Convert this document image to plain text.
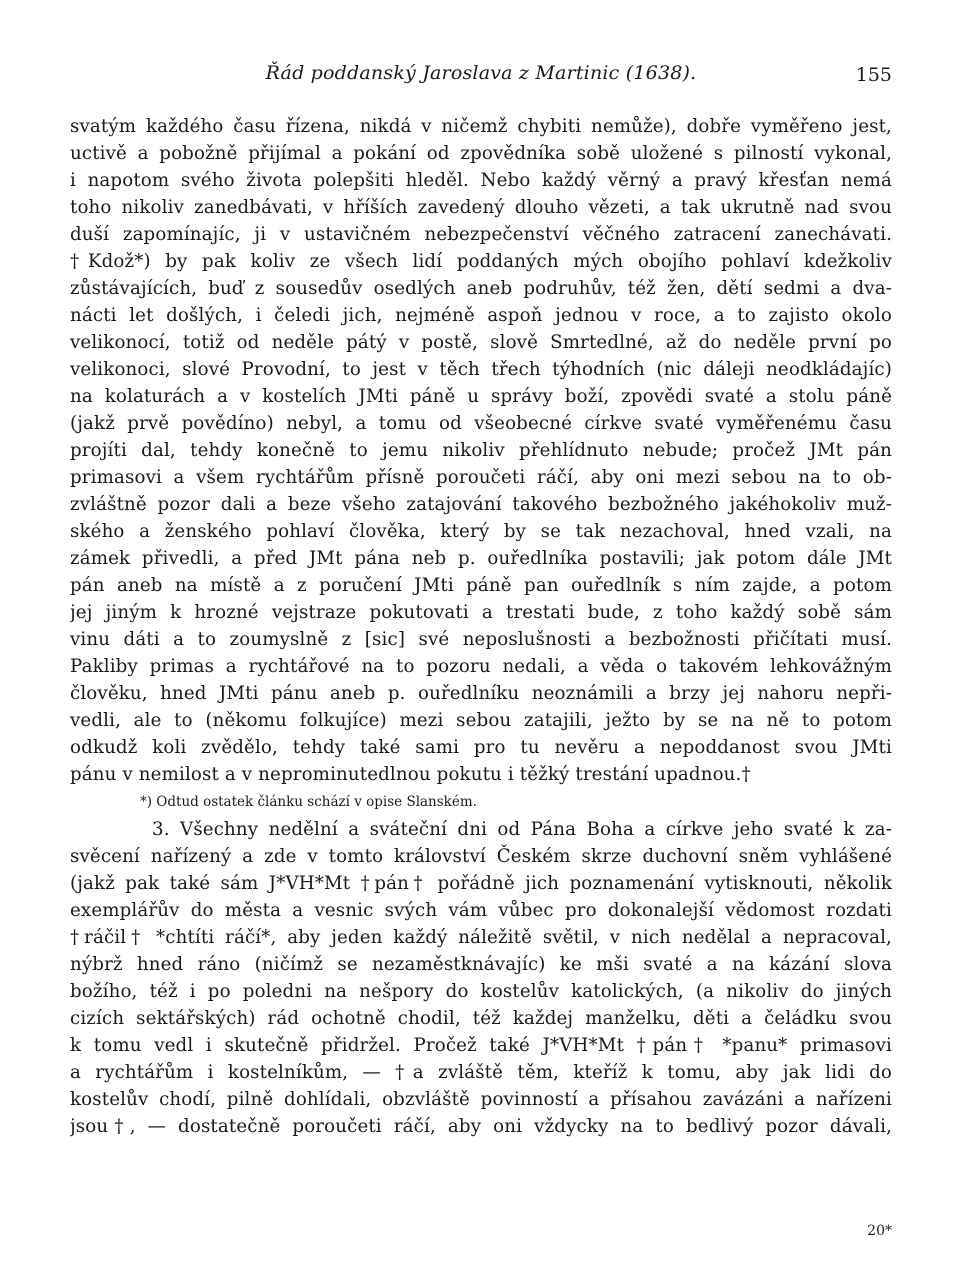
Řád poddanský Jaroslava z Martinic (1638).	155
svatým každého času řízena, nikdá v ničemž chybiti nemůže), dobře vyměřeno jest,
uctivě a pobožně přijímal a pokání od zpovědníka sobě uložené s pilností vykonal,
i napotom svého života polepšiti hleděl. Nebo každý věrný a pravý křesťan nemá
toho nikoliv zanedbávati, v hříších zavedený dlouho vězeti, a tak ukrutně nad svou
duší zapomínajíc, ji v ustavičném nebezpečenství věčného zatracení zanechávati.
†Kdož*) by pak koliv ze všech lidí poddaných mých obojího pohlaví kdežkoliv
zůstávajících, buď z sousedův osedlých aneb podruhův, též žen, dětí sedmi a dva-
nácti let došlých, i čeledi jich, nejméně aspoň jednou v roce, a to zajisto okolo
velikonocí, totiž od neděle pátý v postě, slově Smrtedlné, až do neděle první po
velikonoci, slové Provodní, to jest v těch třech týhodních (nic dáleji neodkládajíc)
na kolaturách a v kostelích JMti páně u správy boží, zpovědi svaté a stolu páně
(jakž prvě povědíno) nebyl, a tomu od všeobecné církve svaté vyměřenému času
projíti dal, tehdy konečně to jemu nikoliv přehlídnuto nebude; pročež JMt pán
primasovi a všem rychtářům přísně poroučeti ráčí, aby oni mezi sebou na to ob-
zvláštně pozor dali a beze všeho zatajování takového bezbožného jakéhokoliv muž-
ského a ženského pohlaví člověka, který by se tak nezachoval, hned vzali, na
zámek přivedli, a před JMt pána neb p. ouředlníka postavili; jak potom dále JMt
pán aneb na místě a z poručení JMti páně pan ouředlník s ním zajde, a potom
jej jiným k hrozné vejstraze pokutovati a trestati bude, z toho každý sobě sám
vinu dáti a to zoumyslně z [sic] své neposlušnosti a bezbožnosti přičítati musí.
Pakliby primas a rychtářové na to pozoru nedali, a věda o takovém lehkovážným
člověku, hned JMti pánu aneb p. ouředlníku neoznámili a brzy jej nahoru nepři-
vedli, ale to (někomu folkujíce) mezi sebou zatajili, ježto by se na ně to potom
odkudž koli zvědělo, tehdy také sami pro tu nevěru a nepoddanost svou JMti
pánu v nemilost a v neprominutedlnou pokutu i těžký trestání upadnou.†
*) Odtud ostatek článku schází v opise Slanském.
3. Všechny nedělní a sváteční dni od Pána Boha a církve jeho svaté k za-
svěcení nařízený a zde v tomto království Českém skrze duchovní sněm vyhlášené
(jakž pak také sám J*VH*Mt †pán† pořádně jich poznamenání vytisknouti, několik
exemplářův do města a vesnic svých vám vůbec pro dokonalejší vědomost rozdati
†ráčil† *chtíti ráčí*, aby jeden každý náležitě světil, v nich nedělal a nepracoval,
nýbrž hned ráno (ničímž se nezaměstknávajíc) ke mši svaté a na kázání slova
božího, též i po poledni na nešpory do kostelův katolických, (a nikoliv do jiných
cizích sektářských) rád ochotně chodil, též každej manželku, děti a čeládku svou
k tomu vedl i skutečně přidržel. Pročež také J*VH*Mt †pán† *panu* primasovi
a rychtářům i kostelníkům, — †a zvláště těm, kteříž k tomu, aby jak lidi do
kostelův chodí, pilně dohlídali, obzvláště povinností a přísahou zavázáni a nařízeni
jsou†, — dostatečně poroučeti ráčí, aby oni vždycky na to bedlivý pozor dávali,
20*
